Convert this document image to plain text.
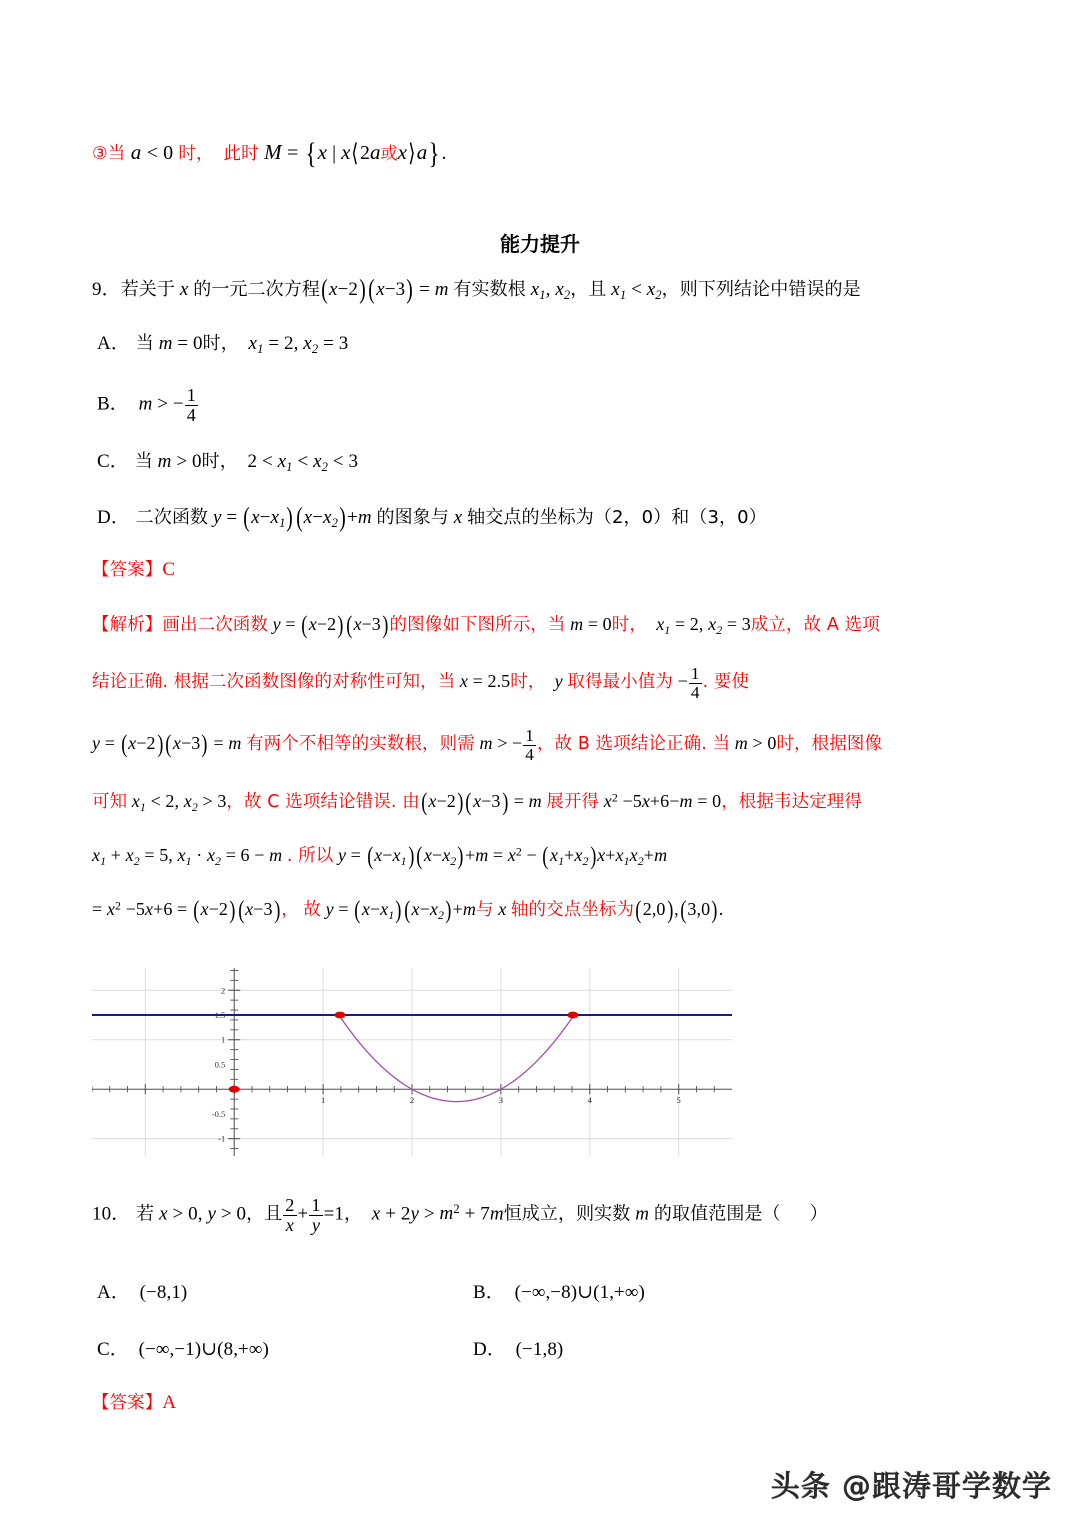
③当 a < 0 时， 此时 M = {x | x⟨2a或x⟩a}.
能力提升
9．若关于 x 的一元二次方程(x−2)(x−3) = m 有实数根 $x_1$, $x_2$，且 $x_1 < x_2$，则下列结论中错误的是
A． 当 m = 0时， $x_1 = 2$, $x_2 = 3$
B．  m > − $\frac{1}{4}$
C． 当 m > 0时， $2 < x_1 < x_2 < 3$
D． 二次函数 $y = (x-x_1)(x-x_2)+m$ 的图象与 x 轴交点的坐标为（2，0）和（3，0）
【答案】C
【解析】画出二次函数 y = (x−2)(x−3)的图像如下图所示，当 m = 0时， $x_1 = 2$, $x_2 = 3$成立，故 A 选项
结论正确. 根据二次函数图像的对称性可知，当 x = 2.5时，  y 取得最小值为 − $\frac{1}{4}$ . 要使
y = (x−2)(x−3) = m 有两个不相等的实数根，则需 m > − $\frac{1}{4}$ ，故 B 选项结论正确. 当 m > 0时，根据图像
可知 $x_1 < 2$, $x_2 > 3$，故 C 选项结论错误. 由(x−2)(x−3) = m 展开得 $x^2 -5x+6-m = 0$，根据韦达定理得
$x_1 + x_2 = 5$, $x_1 \cdot x_2 = 6 - m$ . 所以 $y = (x-x_1)(x-x_2)+m = x^2 - (x_1+x_2)x+x_1x_2+m$
= $x^2 -5x+6 = (x-2)(x-3)$， 故 $y = (x-x_1)(x-x_2)+m$与 x 轴的交点坐标为(2,0),(3,0).
1	2	3	4	5
2
1.5
1
0.5
-0.5
-1
10． 若 x > 0, y > 0，且 $\frac{2}{x} + \frac{1}{y} =1$， $x + 2y > m^2 + 7m$恒成立，则实数 m 的取值范围是（     ）
A．  (−8,1)	B．  (−∞,−8)∪(1,+∞)
C．  (−∞,−1)∪(8,+∞)	D．  (−1,8)
【答案】A
头条 @跟涛哥学数学
